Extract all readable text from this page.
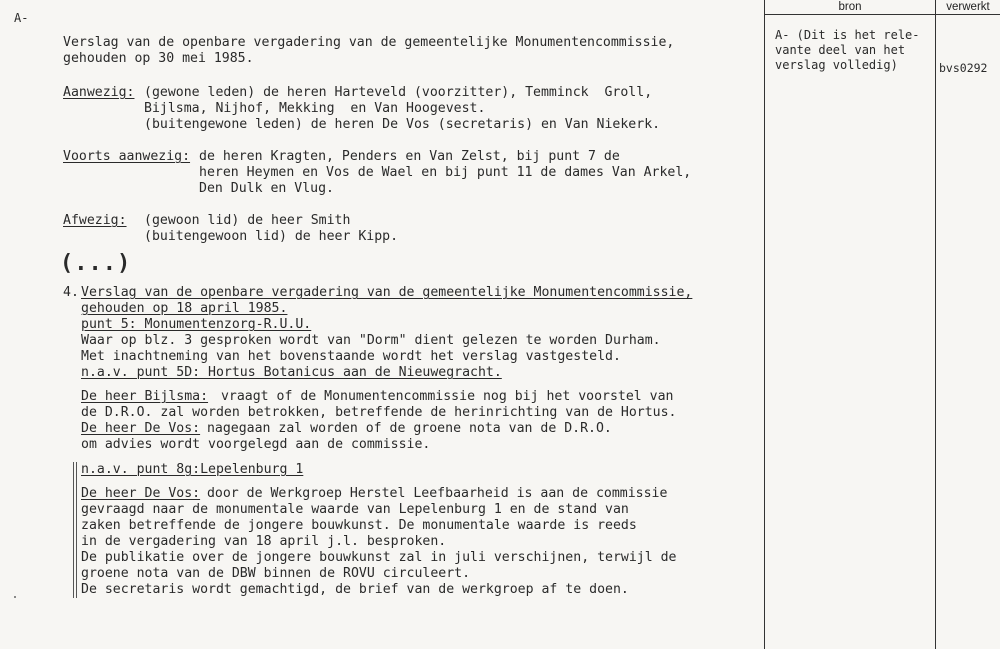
A-
Verslag van de openbare vergadering van de gemeentelijke Monumentencommissie,
gehouden op 30 mei 1985.
Aanwezig: (gewone leden) de heren Harteveld (voorzitter), Temminck  Groll,
Bijlsma, Nijhof, Mekking  en Van Hoogevest.
(buitengewone leden) de heren De Vos (secretaris) en Van Niekerk.
Voorts aanwezig: de heren Kragten, Penders en Van Zelst, bij punt 7 de
heren Heymen en Vos de Wael en bij punt 11 de dames Van Arkel,
Den Dulk en Vlug.
Afwezig: (gewoon lid) de heer Smith
(buitengewoon lid) de heer Kipp.
(...)
4. Verslag van de openbare vergadering van de gemeentelijke Monumentencommissie,
gehouden op 18 april 1985.
punt 5: Monumentenzorg-R.U.U.
Waar op blz. 3 gesproken wordt van "Dorm" dient gelezen te worden Durham.
Met inachtneming van het bovenstaande wordt het verslag vastgesteld.
n.a.v. punt 5D: Hortus Botanicus aan de Nieuwegracht.
De heer Bijlsma: vraagt of de Monumentencommissie nog bij het voorstel van
de D.R.O. zal worden betrokken, betreffende de herinrichting van de Hortus.
De heer De Vos:
nagegaan zal worden of de groene nota van de D.R.O.
om advies wordt voorgelegd aan de commissie.
n.a.v. punt 8g:Lepelenburg 1
De heer De Vos:
door de Werkgroep Herstel Leefbaarheid is aan de commissie
gevraagd naar de monumentale waarde van Lepelenburg 1 en de stand van
zaken betreffende de jongere bouwkunst. De monumentale waarde is reeds
in de vergadering van 18 april j.l. besproken.
De publikatie over de jongere bouwkunst zal in juli verschijnen, terwijl de
groene nota van de DBW binnen de ROVU circuleert.
De secretaris wordt gemachtigd, de brief van de werkgroep af te doen.
bron	verwerkt
A- (Dit is het rele-
vante deel van het
verslag volledig)	bvs0292
